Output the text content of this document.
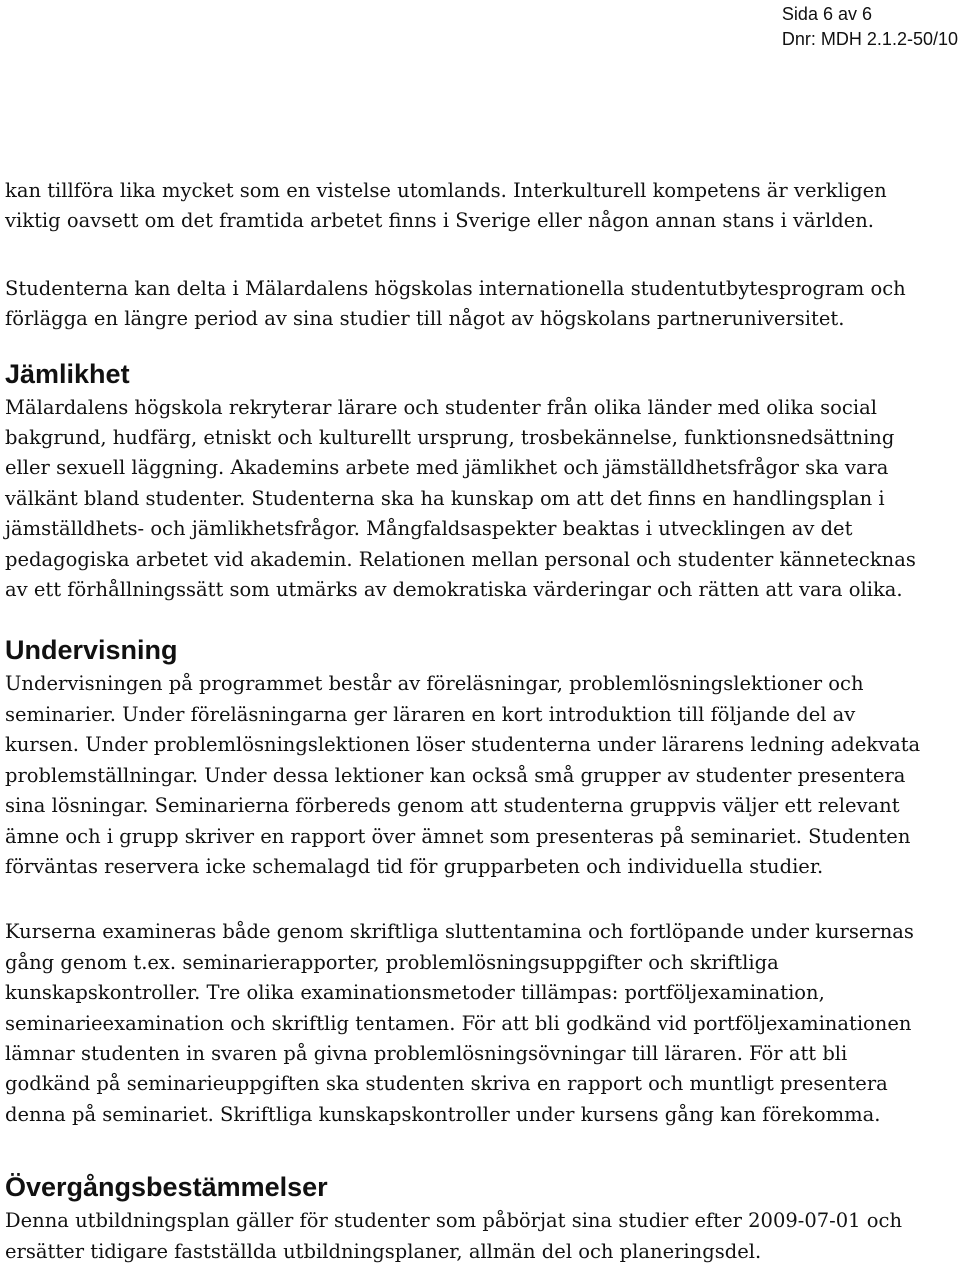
Sida 6 av 6
Dnr: MDH 2.1.2-50/10

kan tillföra lika mycket som en vistelse utomlands. Interkulturell kompetens är verkligen

viktig oavsett om det framtida arbetet finns i Sverige eller någon annan stans i världen.

Studenterna kan delta i Mälardalens högskolas internationella studentutbytesprogram och

förlägga en längre period av sina studier till något av högskolans partneruniversitet.

Jämlikhet

Mälardalens högskola rekryterar lärare och studenter från olika länder med olika social

bakgrund, hudfärg, etniskt och kulturellt ursprung, trosbekännelse, funktionsnedsättning

eller sexuell läggning. Akademins arbete med jämlikhet och jämställdhetsfrågor ska vara

välkänt bland studenter. Studenterna ska ha kunskap om att det finns en handlingsplan i

jämställdhets- och jämlikhetsfrågor. Mångfaldsaspekter beaktas i utvecklingen av det

pedagogiska arbetet vid akademin. Relationen mellan personal och studenter kännetecknas

av ett förhållningssätt som utmärks av demokratiska värderingar och rätten att vara olika.

Undervisning

Undervisningen på programmet består av föreläsningar, problemlösningslektioner och

seminarier. Under föreläsningarna ger läraren en kort introduktion till följande del av

kursen. Under problemlösningslektionen löser studenterna under lärarens ledning adekvata

problemställningar. Under dessa lektioner kan också små grupper av studenter presentera

sina lösningar. Seminarierna förbereds genom att studenterna gruppvis väljer ett relevant

ämne och i grupp skriver en rapport över ämnet som presenteras på seminariet. Studenten

förväntas reservera icke schemalagd tid för grupparbeten och individuella studier.

Kurserna examineras både genom skriftliga sluttentamina och fortlöpande under kursernas

gång genom t.ex. seminarierapporter, problemlösningsuppgifter och skriftliga

kunskapskontroller. Tre olika examinationsmetoder tillämpas: portföljexamination,

seminarieexamination och skriftlig tentamen. För att bli godkänd vid portföljexaminationen

lämnar studenten in svaren på givna problemlösningsövningar till läraren. För att bli

godkänd på seminarieuppgiften ska studenten skriva en rapport och muntligt presentera

denna på seminariet. Skriftliga kunskapskontroller under kursens gång kan förekomma.

Övergångsbestämmelser

Denna utbildningsplan gäller för studenter som påbörjat sina studier efter 2009-07-01 och

ersätter tidigare fastställda utbildningsplaner, allmän del och planeringsdel.
